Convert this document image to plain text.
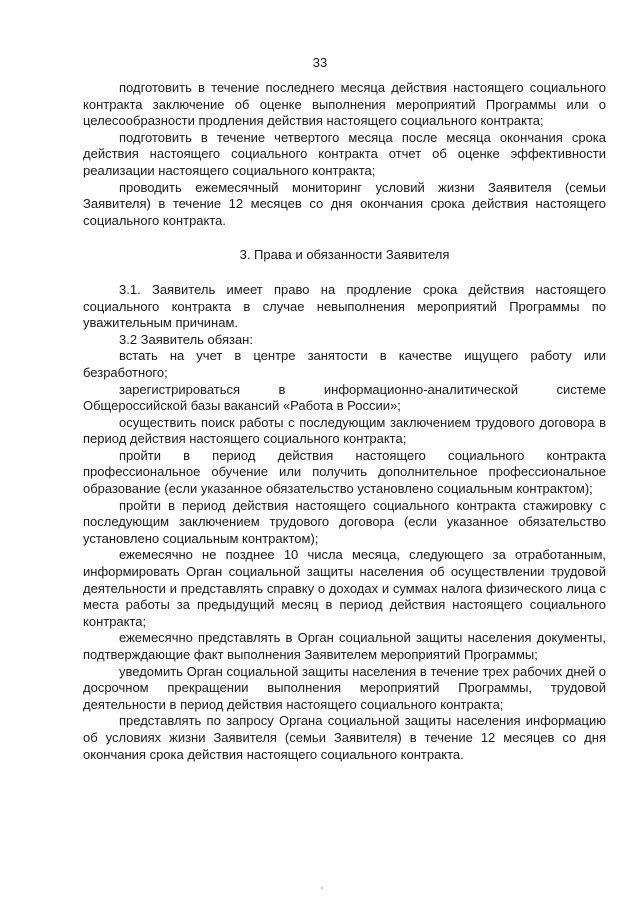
33

подготовить в течение последнего месяца действия настоящего социального контракта заключение об оценке выполнения мероприятий Программы или о целесообразности продления действия настоящего социального контракта;

подготовить в течение четвертого месяца после месяца окончания срока действия настоящего социального контракта отчет об оценке эффективности реализации настоящего социального контракта;

проводить ежемесячный мониторинг условий жизни Заявителя (семьи Заявителя) в течение 12 месяцев со дня окончания срока действия настоящего социального контракта.

3. Права и обязанности Заявителя

3.1. Заявитель имеет право на продление срока действия настоящего социального контракта в случае невыполнения мероприятий Программы по уважительным причинам.

3.2 Заявитель обязан:

встать на учет в центре занятости в качестве ищущего работу или безработного;

зарегистрироваться в информационно-аналитической системе Общероссийской базы вакансий «Работа в России»;

осуществить поиск работы с последующим заключением трудового договора в период действия настоящего социального контракта;

пройти в период действия настоящего социального контракта профессиональное обучение или получить дополнительное профессиональное образование (если указанное обязательство установлено социальным контрактом);

пройти в период действия настоящего социального контракта стажировку с последующим заключением трудового договора (если указанное обязательство установлено социальным контрактом);

ежемесячно не позднее 10 числа месяца, следующего за отработанным, информировать Орган социальной защиты населения об осуществлении трудовой деятельности и представлять справку о доходах и суммах налога физического лица с места работы за предыдущий месяц в период действия настоящего социального контракта;

ежемесячно представлять в Орган социальной защиты населения документы, подтверждающие факт выполнения Заявителем мероприятий Программы;

уведомить Орган социальной защиты населения в течение трех рабочих дней о досрочном прекращении выполнения мероприятий Программы, трудовой деятельности в период действия настоящего социального контракта;

представлять по запросу Органа социальной защиты населения информацию об условиях жизни Заявителя (семьи Заявителя) в течение 12 месяцев со дня окончания срока действия настоящего социального контракта.
